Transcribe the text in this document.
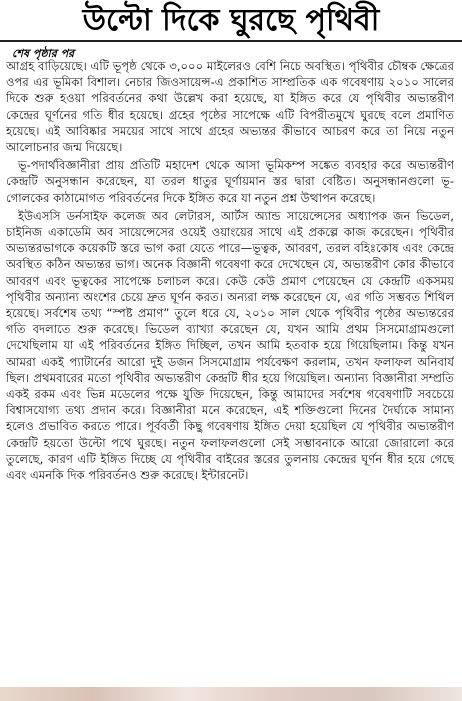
উল্টো দিকে ঘুরছে পৃথিবী
শেষ পৃষ্ঠার পর

আগ্রহ বাড়িয়েছে। এটি ভূপৃষ্ঠ থেকে ৩,০০০ মাইলেরও বেশি নিচে অবস্থিত। পৃথিবীর চৌম্বক ক্ষেত্রের ওপর এর ভূমিকা বিশাল। নেচার জিওসায়েন্স-এ প্রকাশিত সাম্প্রতিক এক গবেষণায় ২০১০ সালের দিকে শুরু হওয়া পরিবর্তনের কথা উল্লেখ করা হয়েছে, যা ইঙ্গিত করে যে পৃথিবীর অভ্যন্তরীণ কেন্দ্রের ঘূর্ণনের গতি ধীর হয়েছে। গ্রহের পৃষ্ঠের সাপেক্ষে এটি বিপরীতমুখে ঘুরছে বলে প্রমাণিত হয়েছে। এই আবিষ্কার সময়ের সাথে সাথে গ্রহের অভ্যন্তর কীভাবে আচরণ করে তা নিয়ে নতুন আলোচনার জন্ম দিয়েছে।

ভূ-পদার্থবিজ্ঞানীরা প্রায় প্রতিটি মহাদেশ থেকে আসা ভূমিকম্প সঙ্কেত ব্যবহার করে অভ্যন্তরীণ কেন্দ্রটি অনুসন্ধান করেছেন, যা তরল ধাতুর ঘূর্ণায়মান স্তর দ্বারা বেষ্টিত। অনুসন্ধানগুলো ভূ-গোলকের কাঠামোগত পরিবর্তনের দিকে ইঙ্গিত করে যা নতুন প্রশ্ন উত্থাপন করেছে।

ইউএসসি ডর্নসাইফ কলেজ অব লেটারস, আর্টস অ্যান্ড সায়েন্সেসের অধ্যাপক জন ভিডেল, চাইনিজ একাডেমি অব সায়েন্সেসের ওয়েই ওয়াংয়ের সাথে এই প্রকল্পে কাজ করেছেন। পৃথিবীর অভ্যন্তরভাগকে কয়েকটি স্তরে ভাগ করা যেতে পারে—ভূত্বক, আবরণ, তরল বহিঃকোষ এবং কেন্দ্রে অবস্থিত কঠিন অভ্যন্তর ভাগ। অনেক বিজ্ঞানী গবেষণা করে দেখেছেন যে, অভ্যন্তরীণ কোর কীভাবে আবরণ এবং ভূত্বকের সাপেক্ষে চলাচল করে। কেউ কেউ প্রমাণ পেয়েছেন যে কেন্দ্রটি একসময় পৃথিবীর অন্যান্য অংশের চেয়ে দ্রুত ঘূর্ণন করত। অন্যরা লক্ষ করেছেন যে, এর গতি সম্ভবত শিথিল হয়েছে। সর্বশেষ তথ্য “স্পষ্ট প্রমাণ” তুলে ধরে যে, ২০১০ সাল থেকে পৃথিবীর পৃষ্ঠের অভ্যন্তরের গতি বদলাতে শুরু করেছে। ভিডেল ব্যাখ্যা করেছেন যে, যখন আমি প্রথম সিসমোগ্রামগুলো দেখেছিলাম যা এই পরিবর্তনের ইঙ্গিত দিচ্ছিল, তখন আমি হতবাক হয়ে গিয়েছিলাম। কিন্তু যখন আমরা একই প্যাটার্নের আরো দুই ডজন সিসমোগ্রাম পর্যবেক্ষণ করলাম, তখন ফলাফল অনিবার্য ছিল। প্রথমবারের মতো পৃথিবীর অভ্যন্তরীণ কেন্দ্রটি ধীর হয়ে গিয়েছিল। অন্যান্য বিজ্ঞানীরা সম্প্রতি একই রকম এবং ভিন্ন মডেলের পক্ষে যুক্তি দিয়েছেন, কিন্তু আমাদের সর্বশেষ গবেষণাটি সবচেয়ে বিশ্বাসযোগ্য তথ্য প্রদান করে। বিজ্ঞানীরা মনে করেছেন, এই শক্তিগুলো দিনের দৈর্ঘ্যকে সামান্য হলেও প্রভাবিত করতে পারে। পূর্ববর্তী কিছু গবেষণায় ইঙ্গিত দেয়া হয়েছিল যে পৃথিবীর অভ্যন্তরীণ কেন্দ্রটি হয়তো উল্টো পথে ঘুরছে। নতুন ফলাফলগুলো সেই সম্ভাবনাকে আরো জোরালো করে তুলেছে, কারণ এটি ইঙ্গিত দিচ্ছে যে পৃথিবীর বাইরের স্তরের তুলনায় কেন্দ্রের ঘূর্ণন ধীর হয়ে গেছে এবং এমনকি দিক পরিবর্তনও শুরু করেছে। ইন্টারনেট।
